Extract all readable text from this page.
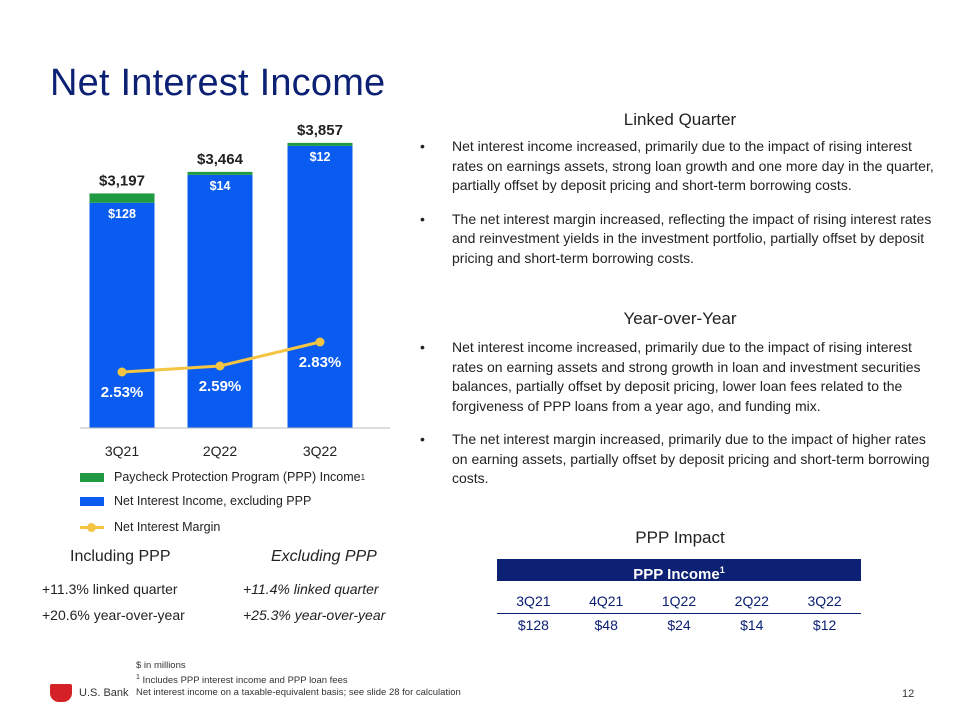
Net Interest Income
$128
$3,197
3Q21
$14
$3,464
2Q22
$12
$3,857
3Q22
2.53%	2.59%
2.83%
Paycheck Protection Program (PPP) Income 1
Net Interest Income, excluding PPP
Net Interest Margin
Including PPP
+11.3% linked quarter
+20.6% year-over-year
Excluding PPP
+11.4% linked quarter
+25.3% year-over-year
Linked Quarter
• Net interest income increased, primarily due to the impact of rising interest rates on earnings assets, strong loan growth and one more day in the quarter, partially offset by deposit pricing and short-term borrowing costs.
• The net interest margin increased, reflecting the impact of rising interest rates and reinvestment yields in the investment portfolio, partially offset by deposit pricing and short-term borrowing costs.
Year-over-Year
• Net interest income increased, primarily due to the impact of rising interest rates on earning assets and strong growth in loan and investment securities balances, partially offset by deposit pricing, lower loan fees related to the forgiveness of PPP loans from a year ago, and funding mix.
• The net interest margin increased, primarily due to the impact of higher rates on earning assets, partially offset by deposit pricing and short-term borrowing costs.
PPP Impact
PPP Income$^1$
3Q21	4Q21	1Q22	2Q22	3Q22
$128	$48	$24	$14	$12
$ in millions
$^1$ Includes PPP interest income and PPP loan fees
Net interest income on a taxable-equivalent basis; see slide 28 for calculation
U.S. Bank	12
